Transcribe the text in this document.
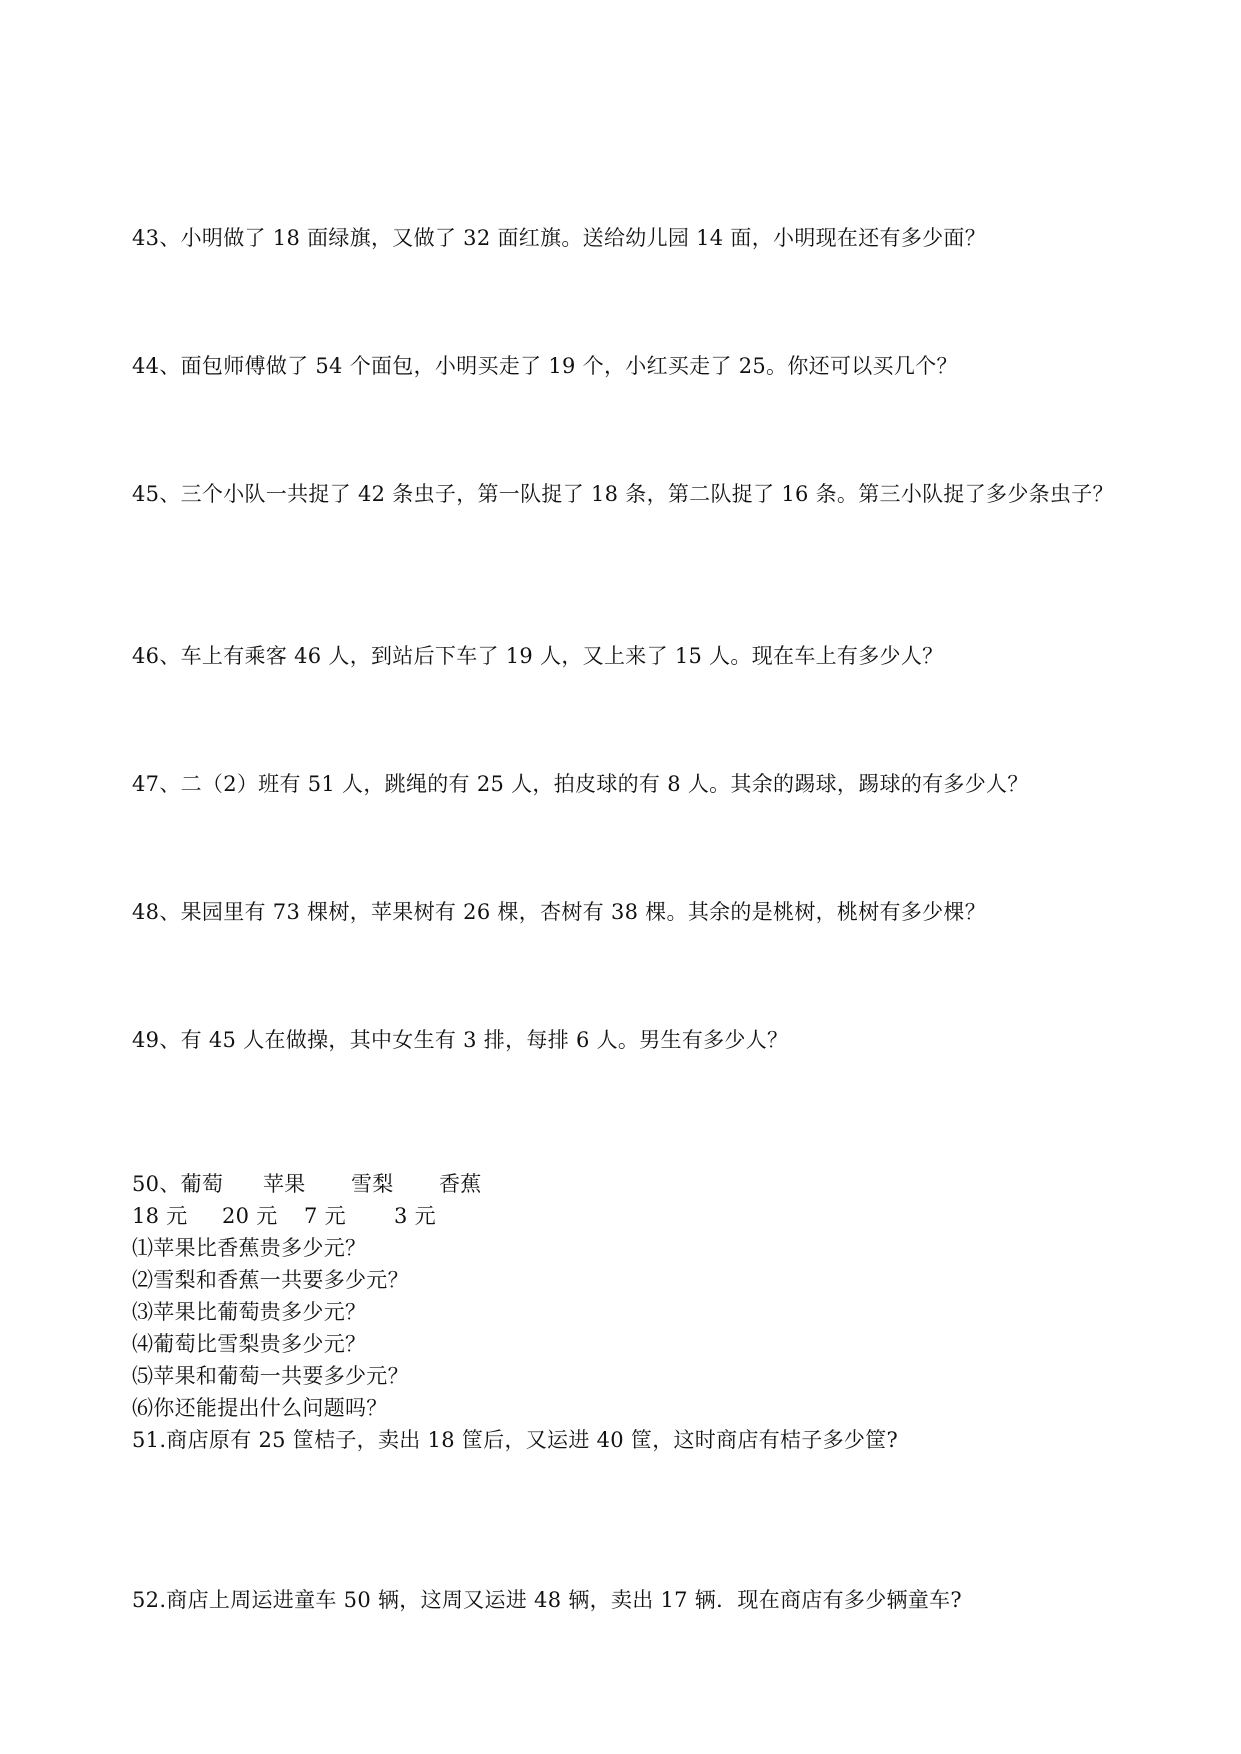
43、小明做了 18 面绿旗，又做了 32 面红旗。送给幼儿园 14 面，小明现在还有多少面？
44、面包师傅做了 54 个面包，小明买走了 19 个，小红买走了 25。你还可以买几个？
45、三个小队一共捉了 42 条虫子，第一队捉了 18 条，第二队捉了 16 条。第三小队捉了多少条虫子？
46、车上有乘客 46 人，到站后下车了 19 人，又上来了 15 人。现在车上有多少人？
47、二（2）班有 51 人，跳绳的有 25 人，拍皮球的有 8 人。其余的踢球，踢球的有多少人？
48、果园里有 73 棵树，苹果树有 26 棵，杏树有 38 棵。其余的是桃树，桃树有多少棵？
49、有 45 人在做操，其中女生有 3 排，每排 6 人。男生有多少人？
50、葡萄 苹果 雪梨 香蕉
18 元 20 元 7 元 3 元
⑴苹果比香蕉贵多少元？
⑵雪梨和香蕉一共要多少元？
⑶苹果比葡萄贵多少元？
⑷葡萄比雪梨贵多少元？
⑸苹果和葡萄一共要多少元？
⑹你还能提出什么问题吗？
51.商店原有 25 筐桔子，卖出 18 筐后，又运进 40 筐，这时商店有桔子多少筐?
52.商店上周运进童车 50 辆，这周又运进 48 辆，卖出 17 辆．现在商店有多少辆童车?
